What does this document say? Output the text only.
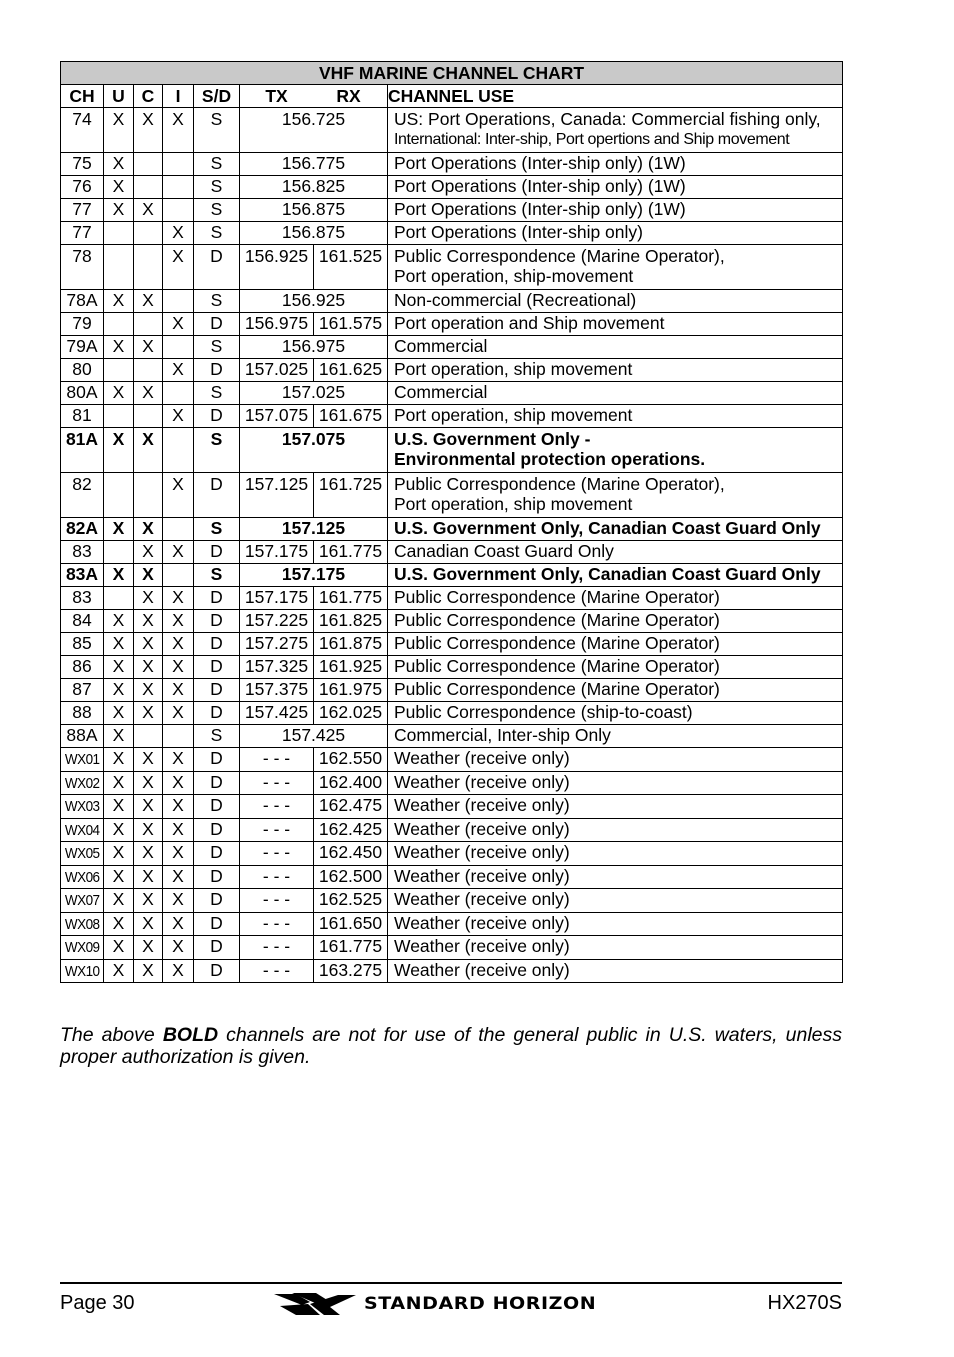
VHF MARINE CHANNEL CHART							
CH	U	C	I	S/D	TX RX		CHANNEL USE
74	X	X	X	S	156.725		US: Port Operations, Canada: Commercial fishing only,
International: Inter-ship, Port opertions and Ship movement

75	X			S	156.775		Port Operations (Inter-ship only) (1W)

76	X			S	156.825		Port Operations (Inter-ship only) (1W)

77	X	X		S	156.875		Port Operations (Inter-ship only) (1W)

77			X	S	156.875		Port Operations (Inter-ship only)

78			X	D	156.925	161.525	Public Correspondence (Marine Operator),
Port operation, ship-movement

78A	X	X		S	156.925		Non-commercial (Recreational)

79			X	D	156.975	161.575	Port operation and Ship movement

79A	X	X		S	156.975		Commercial

80			X	D	157.025	161.625	Port operation, ship movement

80A	X	X		S	157.025		Commercial

81			X	D	157.075	161.675	Port operation, ship movement

81A	X	X		S	157.075		U.S. Government Only -
Environmental protection operations.

82			X	D	157.125	161.725	Public Correspondence (Marine Operator),
Port operation, ship movement

82A	X	X		S	157.125		U.S. Government Only, Canadian Coast Guard Only

83		X	X	D	157.175	161.775	Canadian Coast Guard Only

83A	X	X		S	157.175		U.S. Government Only, Canadian Coast Guard Only

83		X	X	D	157.175	161.775	Public Correspondence (Marine Operator)

84	X	X	X	D	157.225	161.825	Public Correspondence (Marine Operator)

85	X	X	X	D	157.275	161.875	Public Correspondence (Marine Operator)

86	X	X	X	D	157.325	161.925	Public Correspondence (Marine Operator)

87	X	X	X	D	157.375	161.975	Public Correspondence (Marine Operator)

88	X	X	X	D	157.425	162.025	Public Correspondence (ship-to-coast)

88A	X			S	157.425		Commercial, Inter-ship Only

WX01	X	X	X	D	- - -	162.550	Weather (receive only)

WX02	X	X	X	D	- - -	162.400	Weather (receive only)

WX03	X	X	X	D	- - -	162.475	Weather (receive only)

WX04	X	X	X	D	- - -	162.425	Weather (receive only)

WX05	X	X	X	D	- - -	162.450	Weather (receive only)

WX06	X	X	X	D	- - -	162.500	Weather (receive only)

WX07	X	X	X	D	- - -	162.525	Weather (receive only)

WX08	X	X	X	D	- - -	161.650	Weather (receive only)

WX09	X	X	X	D	- - -	161.775	Weather (receive only)

WX10	X	X	X	D	- - -	163.275	Weather (receive only)
The above BOLD channels are not for use of the general public in U.S. waters, unless proper authorization is given.
Page 30	STANDARD HORIZON	HX270S
